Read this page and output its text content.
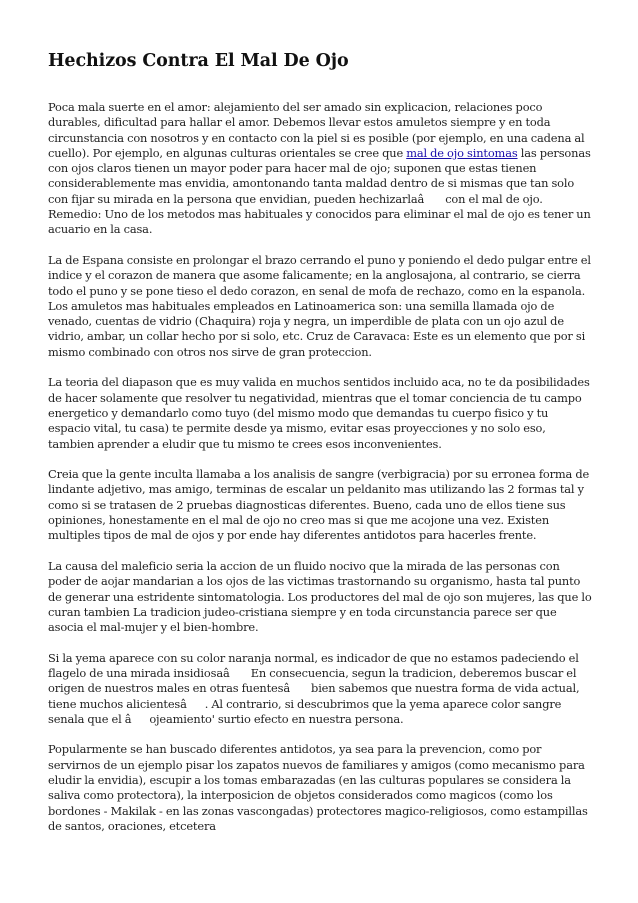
Hechizos Contra El Mal De Ojo

Poca mala suerte en el amor: alejamiento del ser amado sin explicacion, relaciones poco durables, dificultad para hallar el amor. Debemos llevar estos amuletos siempre y en toda circunstancia con nosotros y en contacto con la piel si es posible (por ejemplo, en una cadena al cuello). Por ejemplo, en algunas culturas orientales se cree que mal de ojo sintomas las personas con ojos claros tienen un mayor poder para hacer mal de ojo; suponen que estas tienen considerablemente mas envidia, amontonando tanta maldad dentro de si mismas que tan solo con fijar su mirada en la persona que envidian, pueden hechizarlaâ con el mal de ojo. Remedio: Uno de los metodos mas habituales y conocidos para eliminar el mal de ojo es tener un acuario en la casa.

La de Espana consiste en prolongar el brazo cerrando el puno y poniendo el dedo pulgar entre el indice y el corazon de manera que asome falicamente; en la anglosajona, al contrario, se cierra todo el puno y se pone tieso el dedo corazon, en senal de mofa de rechazo, como en la espanola. Los amuletos mas habituales empleados en Latinoamerica son: una semilla llamada ojo de venado, cuentas de vidrio (Chaquira) roja y negra, un imperdible de plata con un ojo azul de vidrio, ambar, un collar hecho por si solo, etc. Cruz de Caravaca: Este es un elemento que por si mismo combinado con otros nos sirve de gran proteccion.

La teoria del diapason que es muy valida en muchos sentidos incluido aca, no te da posibilidades de hacer solamente que resolver tu negatividad, mientras que el tomar conciencia de tu campo energetico y demandarlo como tuyo (del mismo modo que demandas tu cuerpo fisico y tu espacio vital, tu casa) te permite desde ya mismo, evitar esas proyecciones y no solo eso, tambien aprender a eludir que tu mismo te crees esos inconvenientes.

Creia que la gente inculta llamaba a los analisis de sangre (verbigracia) por su erronea forma de lindante adjetivo, mas amigo, terminas de escalar un peldanito mas utilizando las 2 formas tal y como si se tratasen de 2 pruebas diagnosticas diferentes. Bueno, cada uno de ellos tiene sus opiniones, honestamente en el mal de ojo no creo mas si que me acojone una vez. Existen multiples tipos de mal de ojos y por ende hay diferentes antidotos para hacerles frente.

La causa del maleficio seria la accion de un fluido nocivo que la mirada de las personas con poder de aojar mandarian a los ojos de las victimas trastornando su organismo, hasta tal punto de generar una estridente sintomatologia. Los productores del mal de ojo son mujeres, las que lo curan tambien La tradicion judeo-cristiana siempre y en toda circunstancia parece ser que asocia el mal-mujer y el bien-hombre.

Si la yema aparece con su color naranja normal, es indicador de que no estamos padeciendo el flagelo de una mirada insidiosaâ En consecuencia, segun la tradicion, deberemos buscar el origen de nuestros males en otras fuentesâ bien sabemos que nuestra forma de vida actual, tiene muchos alicientesâ. Al contrario, si descubrimos que la yema aparece color sangre senala que el âojeamiento' surtio efecto en nuestra persona.

Popularmente se han buscado diferentes antidotos, ya sea para la prevencion, como por servirnos de un ejemplo pisar los zapatos nuevos de familiares y amigos (como mecanismo para eludir la envidia), escupir a los tomas embarazadas (en las culturas populares se considera la saliva como protectora), la interposicion de objetos considerados como magicos (como los bordones - Makilak - en las zonas vascongadas) protectores magico-religiosos, como estampillas de santos, oraciones, etcetera
